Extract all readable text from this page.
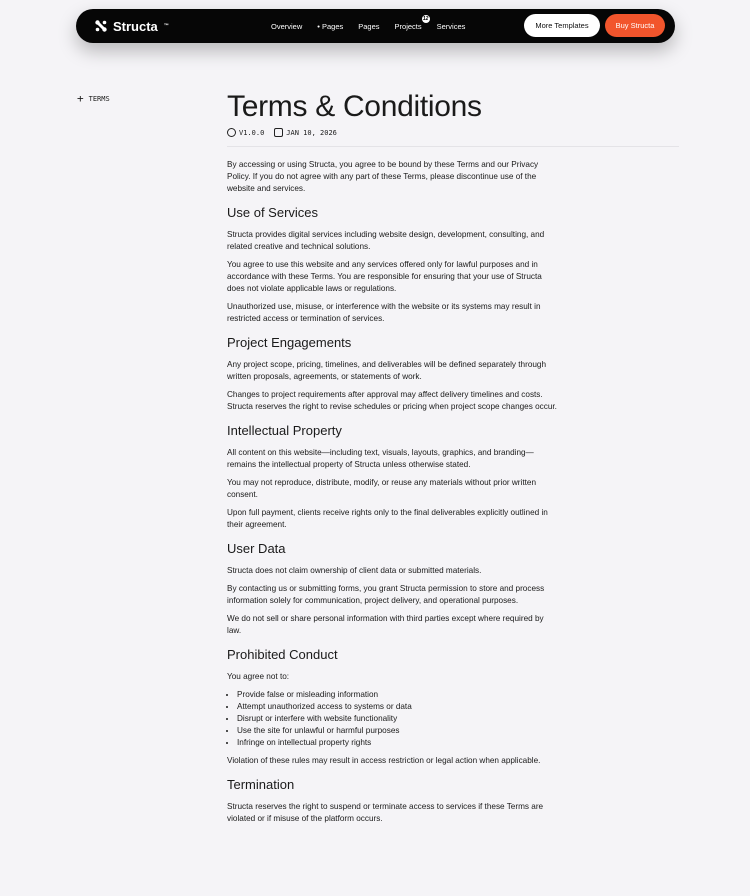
Structa ™	Overview • Pages Pages Projects
12
Services	More Templates	Buy Structa
+ TERMS	Terms & Conditions
V1.0.0	JAN 10, 2026

By accessing or using Structa, you agree to be bound by these Terms and our Privacy Policy. If you do not agree with any part of these Terms, please discontinue use of the website and services.

Use of Services

Structa provides digital services including website design, development, consulting, and related creative and technical solutions.

You agree to use this website and any services offered only for lawful purposes and in accordance with these Terms. You are responsible for ensuring that your use of Structa does not violate applicable laws or regulations.

Unauthorized use, misuse, or interference with the website or its systems may result in restricted access or termination of services.

Project Engagements

Any project scope, pricing, timelines, and deliverables will be defined separately through written proposals, agreements, or statements of work.

Changes to project requirements after approval may affect delivery timelines and costs. Structa reserves the right to revise schedules or pricing when project scope changes occur.

Intellectual Property

All content on this website—including text, visuals, layouts, graphics, and branding—remains the intellectual property of Structa unless otherwise stated.

You may not reproduce, distribute, modify, or reuse any materials without prior written consent.

Upon full payment, clients receive rights only to the final deliverables explicitly outlined in their agreement.

User Data

Structa does not claim ownership of client data or submitted materials.

By contacting us or submitting forms, you grant Structa permission to store and process information solely for communication, project delivery, and operational purposes.

We do not sell or share personal information with third parties except where required by law.

Prohibited Conduct

You agree not to:

• Provide false or misleading information
• Attempt unauthorized access to systems or data
• Disrupt or interfere with website functionality
• Use the site for unlawful or harmful purposes
• Infringe on intellectual property rights

Violation of these rules may result in access restriction or legal action when applicable.

Termination

Structa reserves the right to suspend or terminate access to services if these Terms are violated or if misuse of the platform occurs.
